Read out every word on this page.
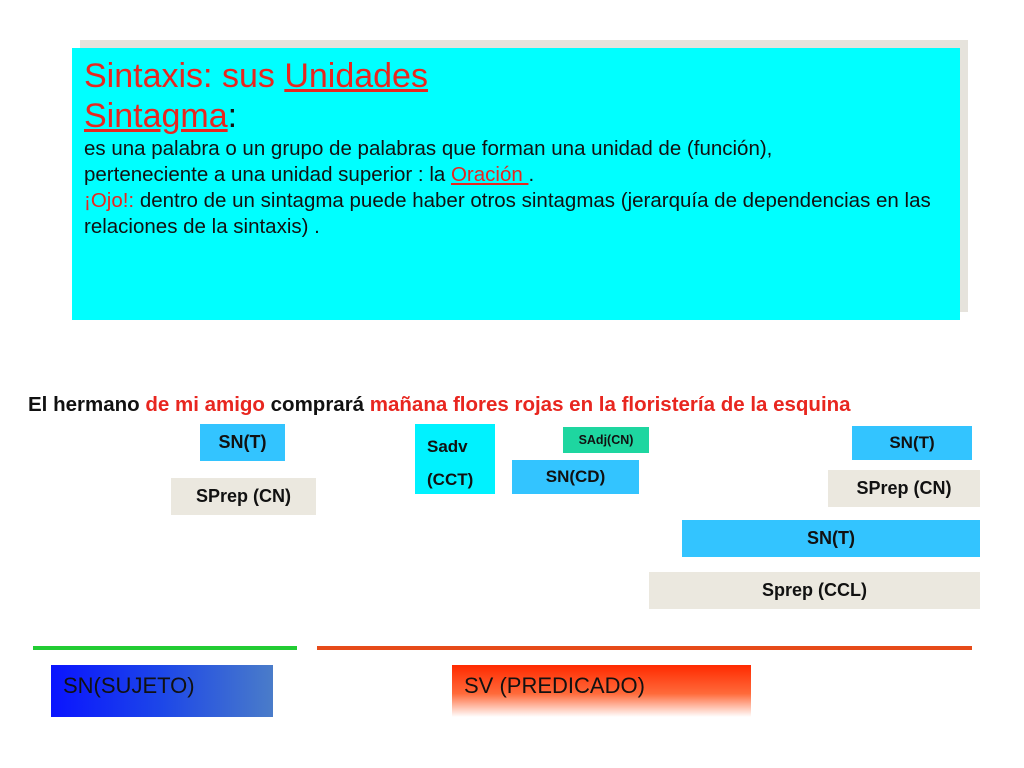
Sintaxis: sus Unidades
Sintagma:
es una palabra o un grupo de palabras que forman una unidad de (función),
perteneciente a una unidad superior : la Oración .
¡Ojo!: dentro de un sintagma puede haber otros sintagmas (jerarquía de dependencias en las relaciones de la sintaxis) .
El hermano de mi amigo comprará mañana flores rojas en la floristería de la esquina
SN(T)
SPrep (CN)
Sadv
(CCT)
SAdj(CN)
SN(CD)
SN(T)
SPrep (CN)
SN(T)
Sprep (CCL)
SN(SUJETO)	SV (PREDICADO)
